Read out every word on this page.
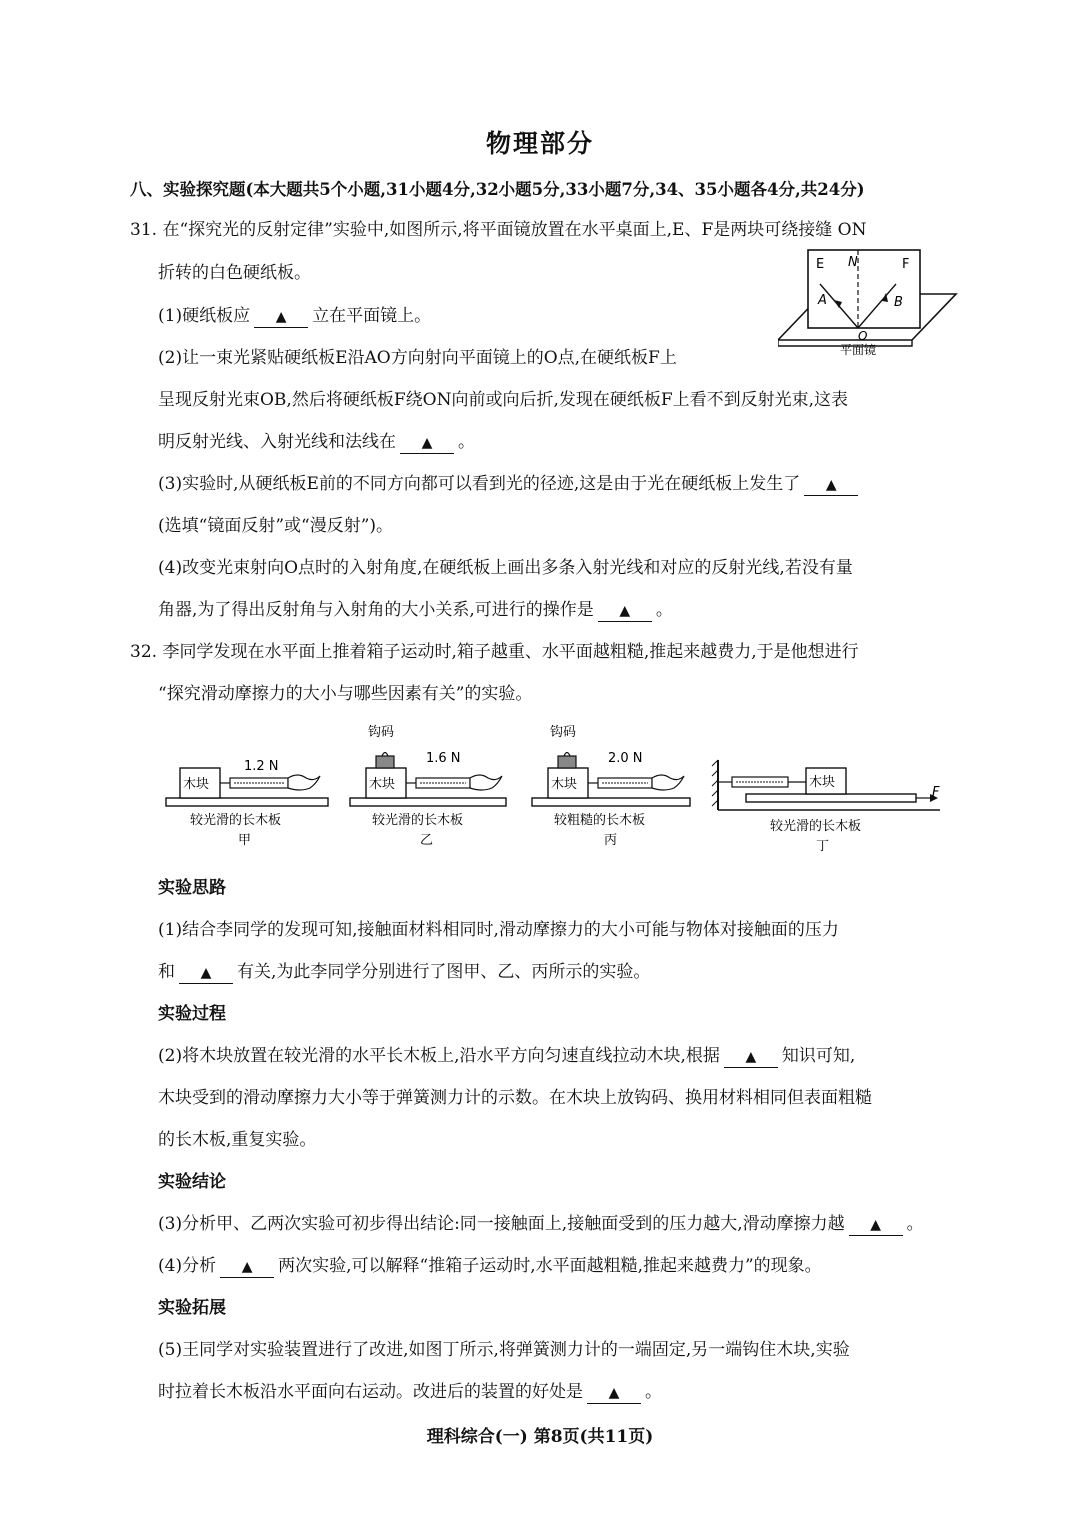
物理部分
八、实验探究题(本大题共5个小题,31小题4分,32小题5分,33小题7分,34、35小题各4分,共24分)
31. 在“探究光的反射定律”实验中,如图所示,将平面镜放置在水平桌面上,E、F是两块可绕接缝 ON
折转的白色硬纸板。
(1)硬纸板应 ▲ 立在平面镜上。
(2)让一束光紧贴硬纸板E沿AO方向射向平面镜上的O点,在硬纸板F上
呈现反射光束OB,然后将硬纸板F绕ON向前或向后折,发现在硬纸板F上看不到反射光束,这表
明反射光线、入射光线和法线在 ▲ 。
(3)实验时,从硬纸板E前的不同方向都可以看到光的径迹,这是由于光在硬纸板上发生了 ▲
(选填“镜面反射”或“漫反射”)。
(4)改变光束射向O点时的入射角度,在硬纸板上画出多条入射光线和对应的反射光线,若没有量
角器,为了得出反射角与入射角的大小关系,可进行的操作是 ▲ 。
E N	F
A	B
O
平面镜
32. 李同学发现在水平面上推着箱子运动时,箱子越重、水平面越粗糙,推起来越费力,于是他想进行
“探究滑动摩擦力的大小与哪些因素有关”的实验。
木块
1.2 N
较光滑的长木板
甲
木块
钩码
1.6 N
较光滑的长木板
乙
木块
钩码
2.0 N
较粗糙的长木板
丙
木块
F
较光滑的长木板
丁
实验思路
(1)结合李同学的发现可知,接触面材料相同时,滑动摩擦力的大小可能与物体对接触面的压力
和 ▲ 有关,为此李同学分别进行了图甲、乙、丙所示的实验。
实验过程
(2)将木块放置在较光滑的水平长木板上,沿水平方向匀速直线拉动木块,根据 ▲ 知识可知,
木块受到的滑动摩擦力大小等于弹簧测力计的示数。在木块上放钩码、换用材料相同但表面粗糙
的长木板,重复实验。
实验结论
(3)分析甲、乙两次实验可初步得出结论:同一接触面上,接触面受到的压力越大,滑动摩擦力越 ▲ 。
(4)分析 ▲ 两次实验,可以解释“推箱子运动时,水平面越粗糙,推起来越费力”的现象。
实验拓展
(5)王同学对实验装置进行了改进,如图丁所示,将弹簧测力计的一端固定,另一端钩住木块,实验
时拉着长木板沿水平面向右运动。改进后的装置的好处是 ▲ 。
理科综合(一) 第8页(共11页)
